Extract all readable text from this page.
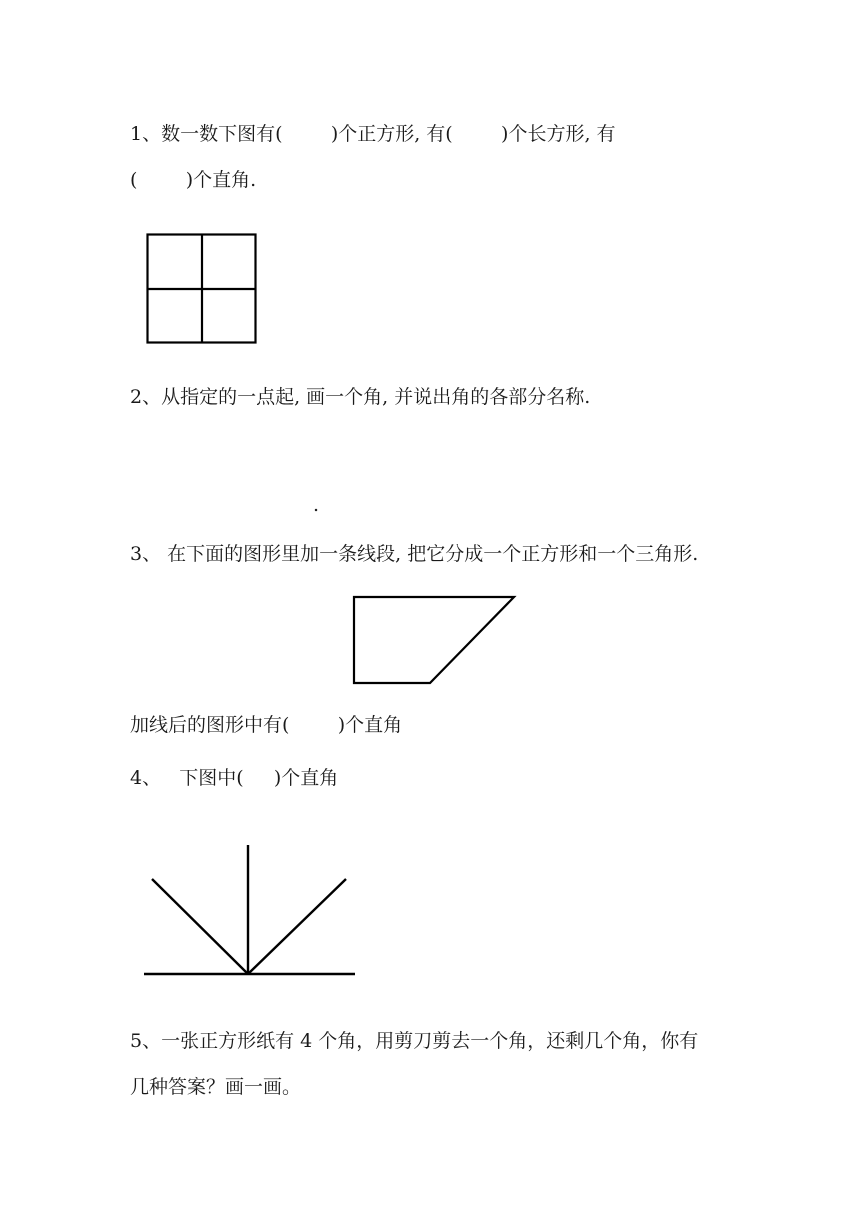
1、数一数下图有(        )个正方形, 有(        )个长方形, 有
(        )个直角.
2、从指定的一点起, 画一个角, 并说出角的各部分名称.
.
3、 在下面的图形里加一条线段, 把它分成一个正方形和一个三角形.
加线后的图形中有(        )个直角
4、   下图中(     )个直角
5、一张正方形纸有 4 个角，用剪刀剪去一个角，还剩几个角，你有
几种答案？画一画。
